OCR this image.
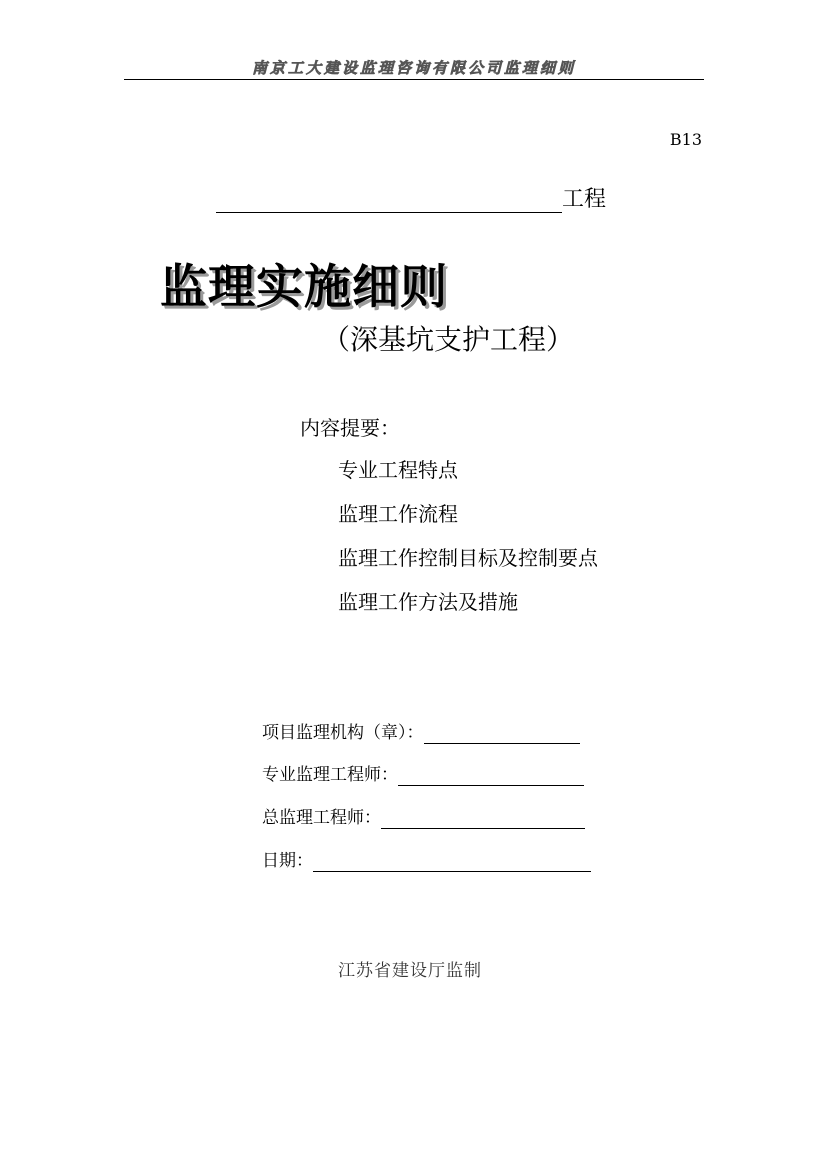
南京工大建设监理咨询有限公司监理细则
B13
工程
监理实施细则
（深基坑支护工程）
内容提要：
专业工程特点
监理工作流程
监理工作控制目标及控制要点
监理工作方法及措施
项目监理机构（章）：
专业监理工程师：
总监理工程师：
日期：
江苏省建设厅监制
